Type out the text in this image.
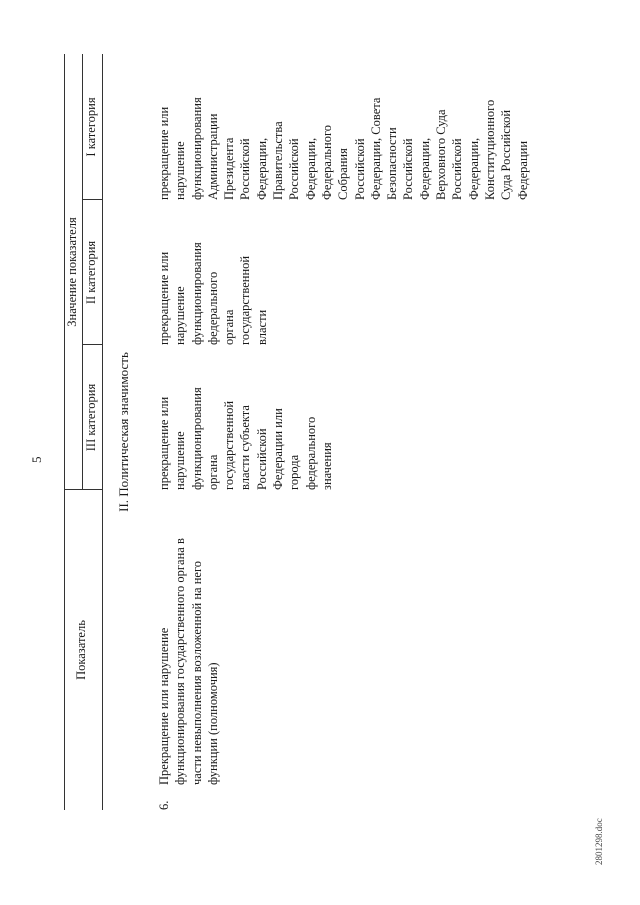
5
Показатель
Значение показателя
III категория
II категория
I категория
II. Политическая значимость
6.
Прекращение или нарушение функционирования государственного органа в части невыполнения возложенной на него функции (полномочия)
прекращение или нарушение функционирования органа государственной власти субъекта Российской Федерации или города федерального значения
прекращение или нарушение функционирования федерального органа государственной власти
прекращение или нарушение функционирования Администрации Президента Российской Федерации, Правительства Российской Федерации, Федерального Собрания Российской Федерации, Совета Безопасности Российской Федерации, Верховного Суда Российской Федерации, Конституционного Суда Российской Федерации
2801298.doc
